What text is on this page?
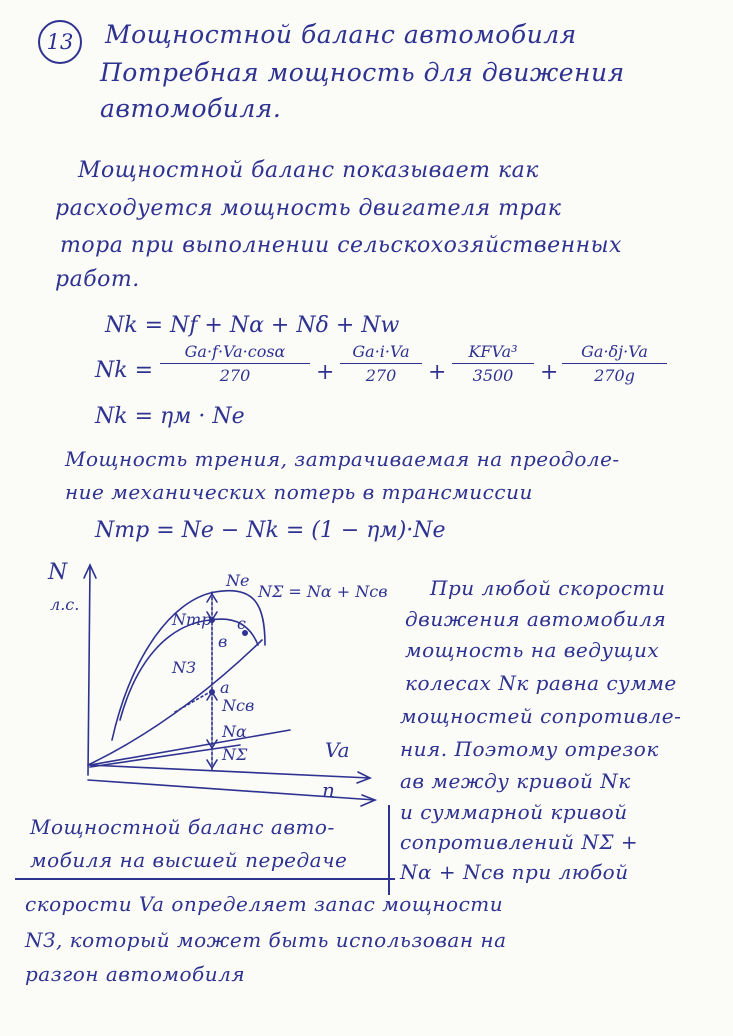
13	Мощностной баланс автомобиля
Потребная мощность для движения
автомобиля.
Мощностной баланс показывает как
расходуется мощность двигателя трак
тора при выполнении сельскохозяйственных
работ.
Nk = Nf + Nα + Nδ + Nw
Nk =
Ga·f·Va·cosα
270	+
Ga·i·Va
270	+
KFVa³
3500	+
Ga·δj·Va
270g
Nk = ηм · Ne
Мощность трения, затрачиваемая на преодоле-
ние механических потерь в трансмиссии
Nтр = Ne − Nk = (1 − ηм)·Ne
N
л.с.
Va
n
Ne
NΣ = Nα + Nсв
Nтр
в
с
а
NЗ
Nсв
Nα
NΣ
Мощностной баланс авто-
мобиля на высшей передаче
При любой скорости
движения автомобиля
мощность на ведущих
колесах Nк равна сумме
мощностей сопротивле-
ния. Поэтому отрезок
ав между кривой Nк
и суммарной кривой
сопротивлений NΣ +
Nα + Nсв при любой
скорости Va определяет запас мощности
NЗ, который может быть использован на
разгон автомобиля
